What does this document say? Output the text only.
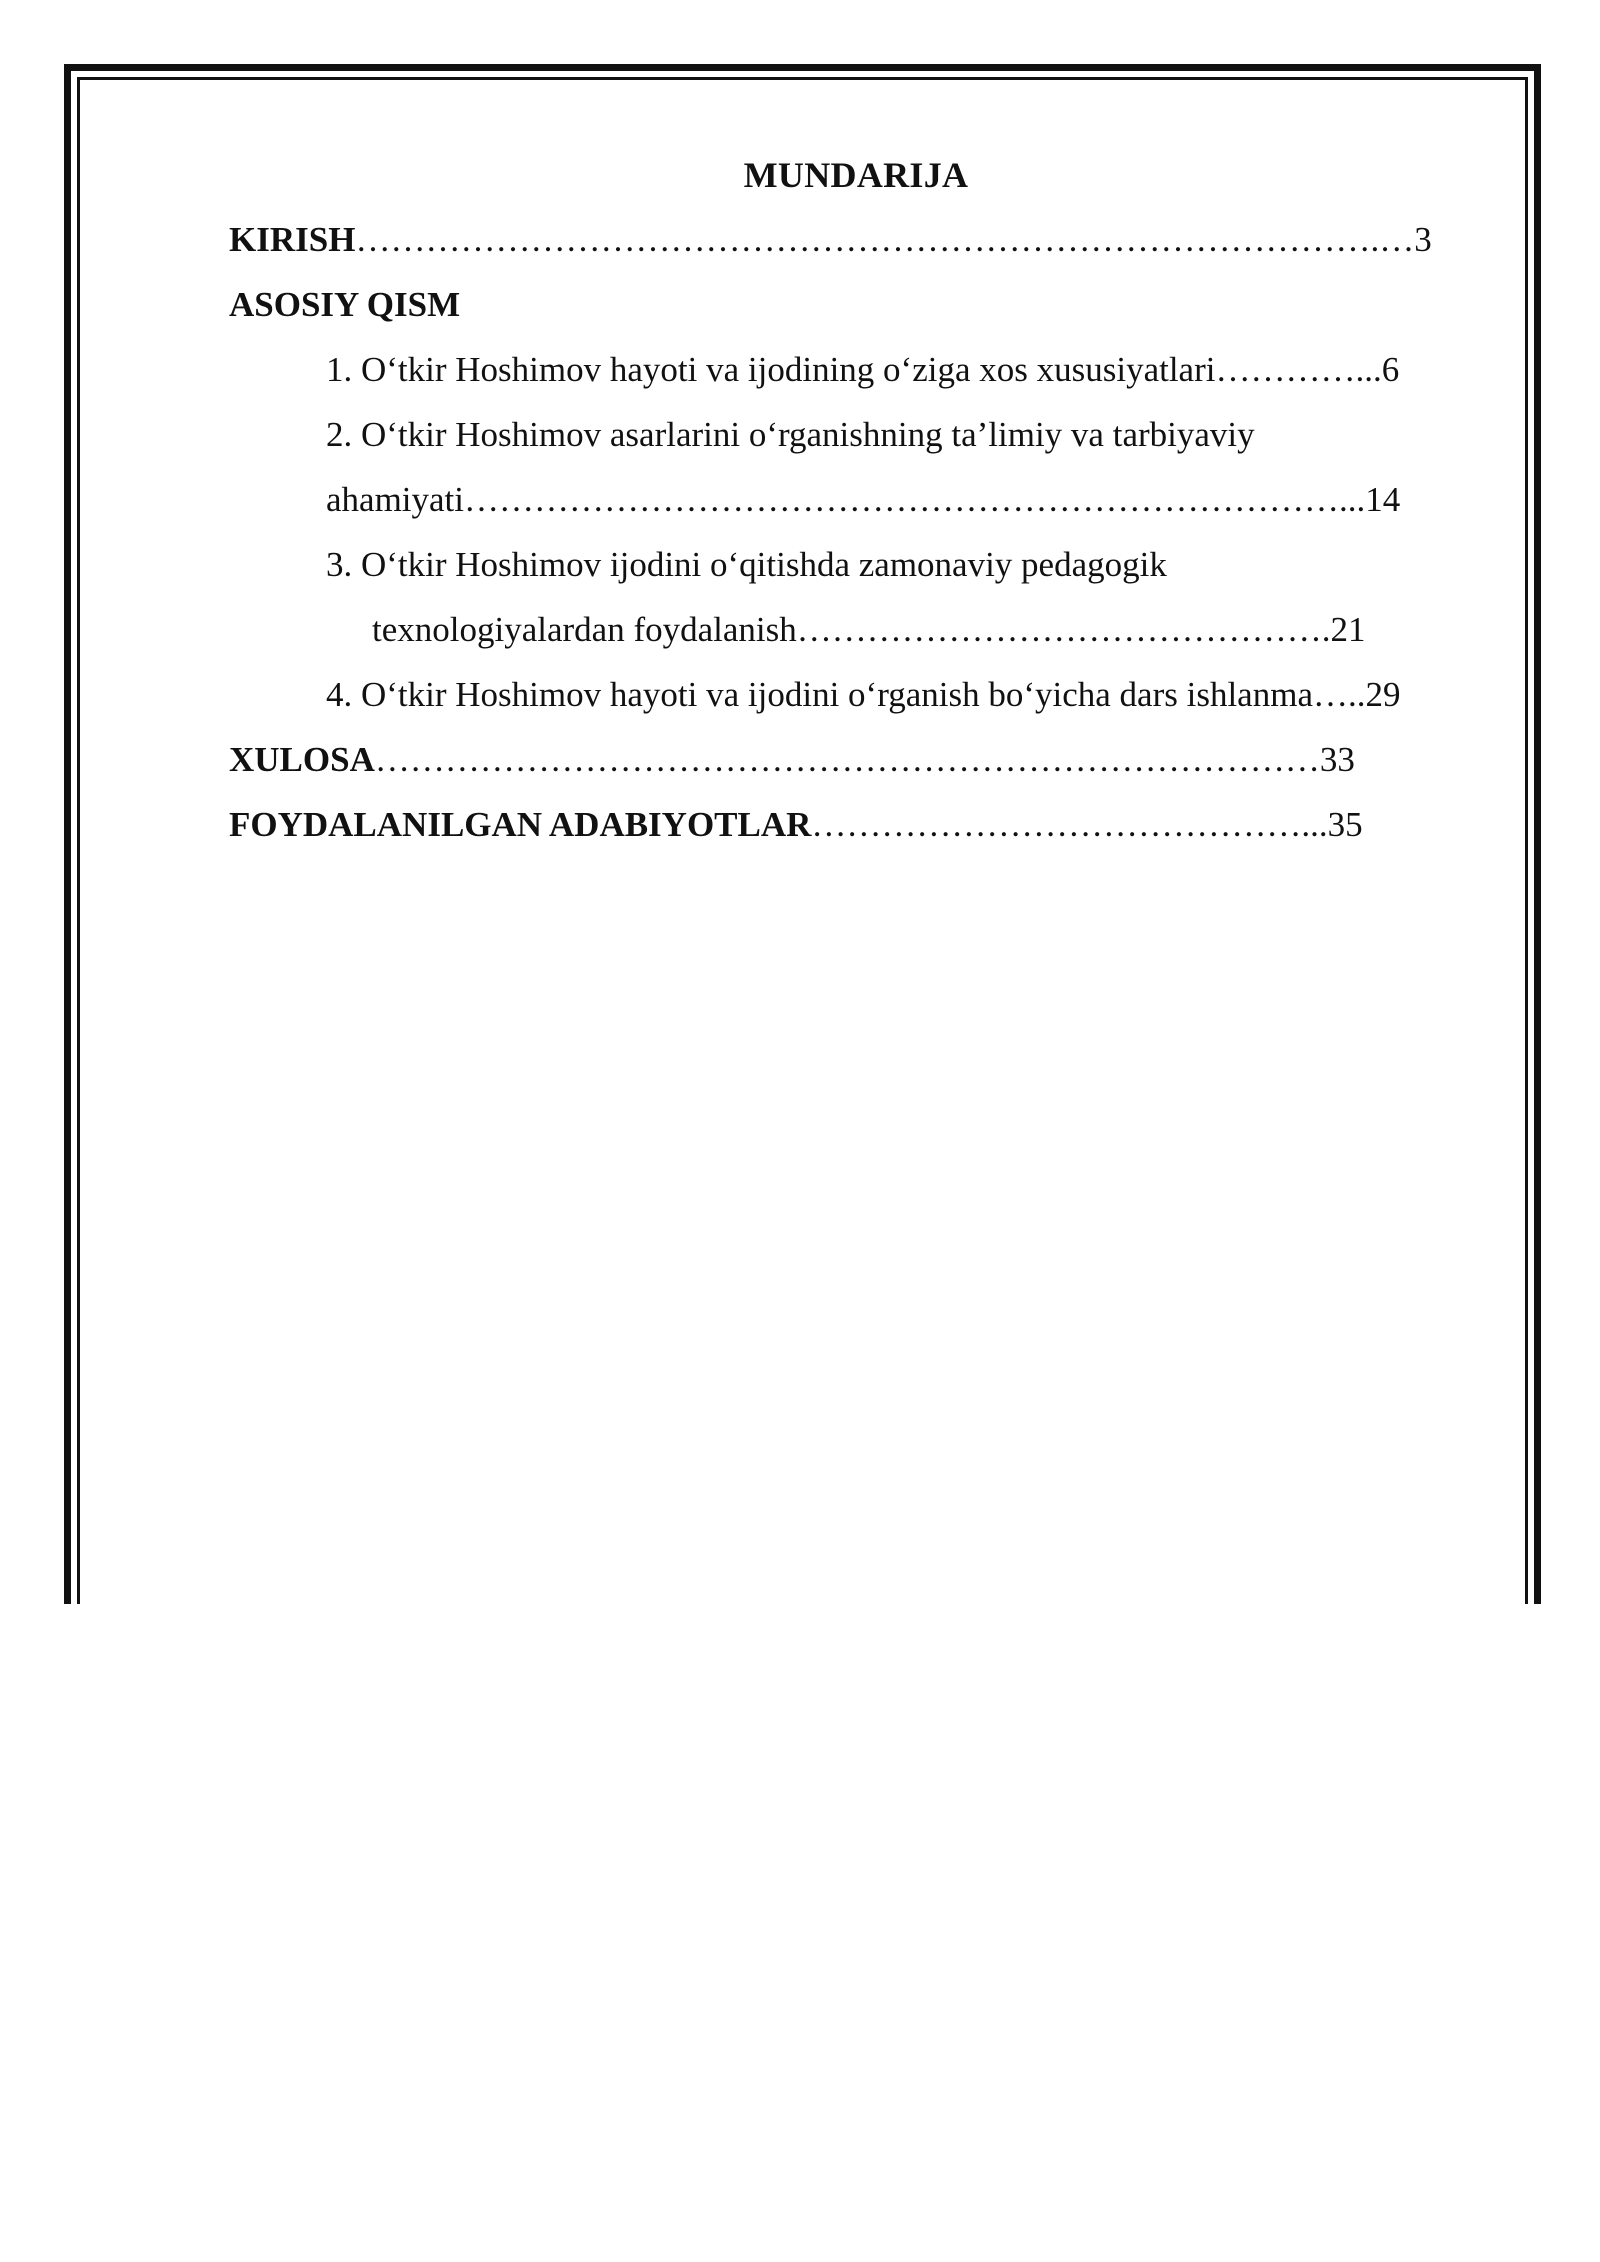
MUNDARIJA
KIRISH…………………………………………………………………………….…3
ASOSIY QISM
1. O‘tkir Hoshimov hayoti va ijodining o‘ziga xos xususiyatlari…………...6
2. O‘tkir Hoshimov asarlarini o‘rganishning ta’limiy va tarbiyaviy
ahamiyati…………………………………………………………………...14
3. O‘tkir Hoshimov ijodini o‘qitishda zamonaviy pedagogik
texnologiyalardan foydalanish……………………………………….21
4. O‘tkir Hoshimov hayoti va ijodini o‘rganish bo‘yicha dars ishlanma…..29
XULOSA………………………………………………………………………33
FOYDALANILGAN ADABIYOTLAR……………………………………...35
